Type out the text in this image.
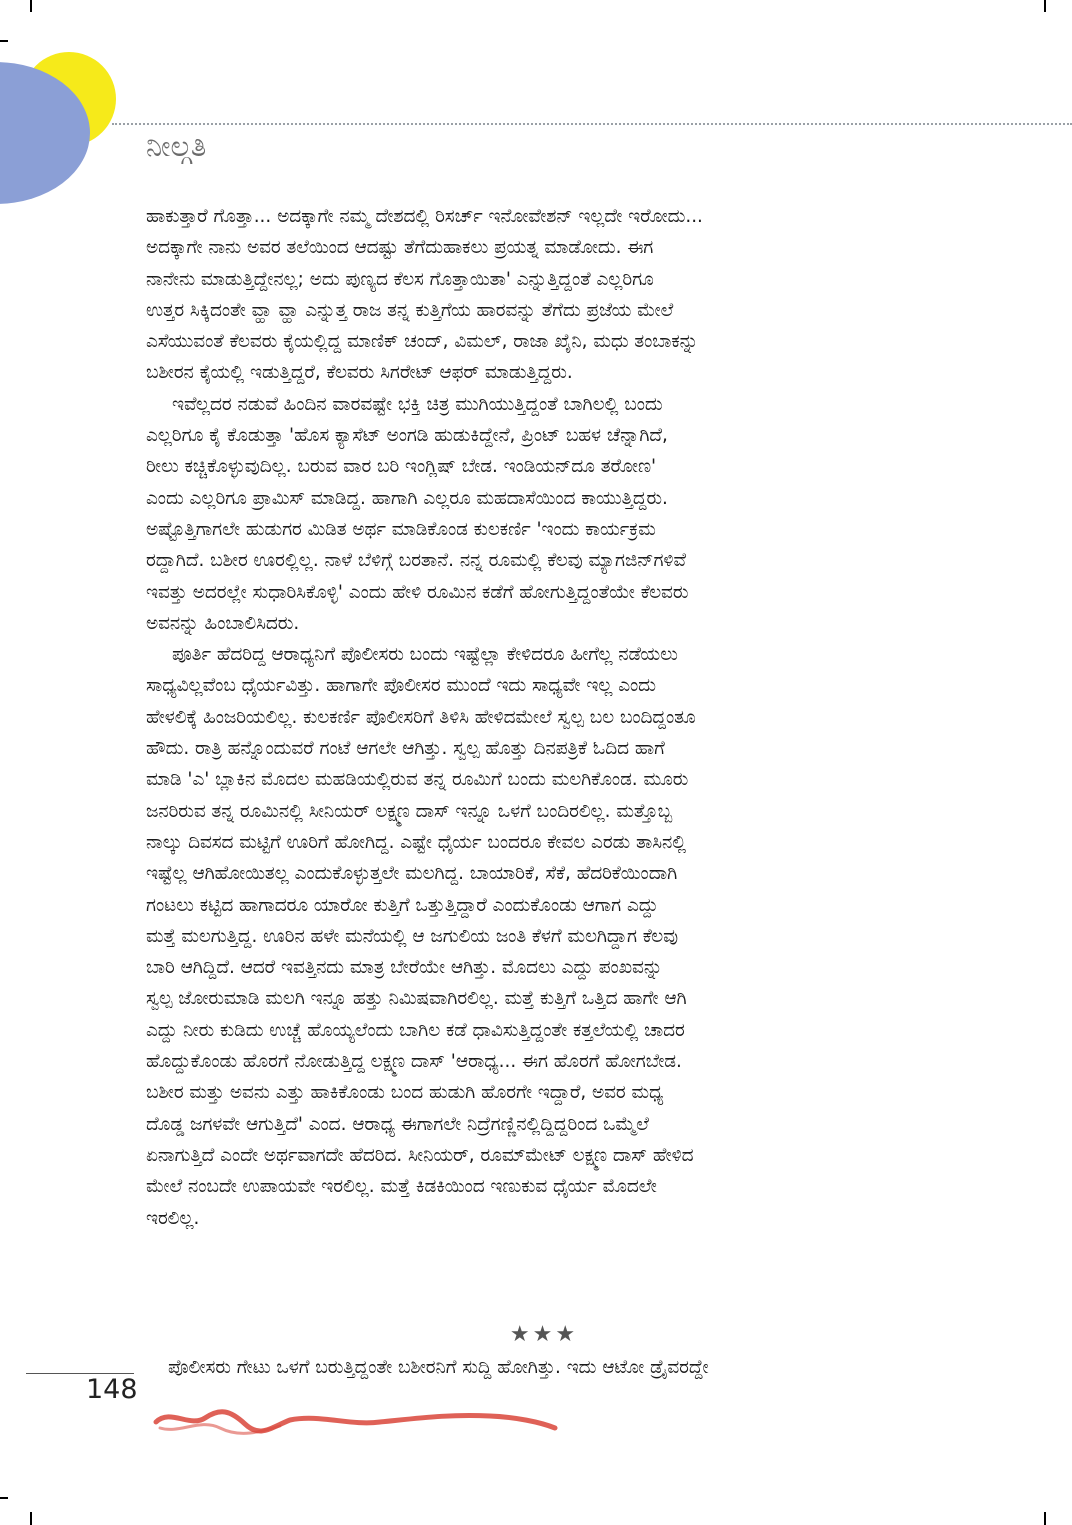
ನೀಲ್ಗತಿ
ಹಾಕುತ್ತಾರೆ ಗೊತ್ತಾ... ಅದಕ್ಕಾಗೇ ನಮ್ಮ ದೇಶದಲ್ಲಿ ರಿಸರ್ಚ್ ಇನೋವೇಶನ್ ಇಲ್ಲದೇ ಇರೋದು...
ಅದಕ್ಕಾಗೇ ನಾನು ಅವರ ತಲೆಯಿಂದ ಆದಷ್ಟು ತೆಗೆದುಹಾಕಲು ಪ್ರಯತ್ನ ಮಾಡೋದು. ಈಗ
ನಾನೇನು ಮಾಡುತ್ತಿದ್ದೇನಲ್ಲ; ಅದು ಪುಣ್ಯದ ಕೆಲಸ ಗೊತ್ತಾಯಿತಾ' ಎನ್ನುತ್ತಿದ್ದಂತೆ ಎಲ್ಲರಿಗೂ
ಉತ್ತರ ಸಿಕ್ಕಿದಂತೇ ವ್ಹಾ ವ್ಹಾ ಎನ್ನುತ್ತ ರಾಜ ತನ್ನ ಕುತ್ತಿಗೆಯ ಹಾರವನ್ನು ತೆಗೆದು ಪ್ರಜೆಯ ಮೇಲೆ
ಎಸೆಯುವಂತೆ ಕೆಲವರು ಕೈಯಲ್ಲಿದ್ದ ಮಾಣಿಕ್ ಚಂದ್, ವಿಮಲ್, ರಾಜಾ ಖೈನಿ, ಮಧು ತಂಬಾಕನ್ನು
ಬಶೀರನ ಕೈಯಲ್ಲಿ ಇಡುತ್ತಿದ್ದರೆ, ಕೆಲವರು ಸಿಗರೇಟ್ ಆಫರ್ ಮಾಡುತ್ತಿದ್ದರು.
ಇವೆಲ್ಲದರ ನಡುವೆ ಹಿಂದಿನ ವಾರವಷ್ಟೇ ಭಕ್ತಿ ಚಿತ್ರ ಮುಗಿಯುತ್ತಿದ್ದಂತೆ ಬಾಗಿಲಲ್ಲಿ ಬಂದು
ಎಲ್ಲರಿಗೂ ಕೈ ಕೊಡುತ್ತಾ 'ಹೊಸ ಕ್ಯಾಸೆಟ್ ಅಂಗಡಿ ಹುಡುಕಿದ್ದೇನೆ, ಪ್ರಿಂಟ್ ಬಹಳ ಚೆನ್ನಾಗಿದೆ,
ರೀಲು ಕಚ್ಚಿಕೊಳ್ಳುವುದಿಲ್ಲ. ಬರುವ ವಾರ ಬರಿ ಇಂಗ್ಲಿಷ್ ಬೇಡ. ಇಂಡಿಯನ್‌ದೂ ತರೋಣ'
ಎಂದು ಎಲ್ಲರಿಗೂ ಪ್ರಾಮಿಸ್ ಮಾಡಿದ್ದ. ಹಾಗಾಗಿ ಎಲ್ಲರೂ ಮಹದಾಸೆಯಿಂದ ಕಾಯುತ್ತಿದ್ದರು.
ಅಷ್ಟೊತ್ತಿಗಾಗಲೇ ಹುಡುಗರ ಮಿಡಿತ ಅರ್ಥ ಮಾಡಿಕೊಂಡ ಕುಲಕರ್ಣಿ 'ಇಂದು ಕಾರ್ಯಕ್ರಮ
ರದ್ದಾಗಿದೆ. ಬಶೀರ ಊರಲ್ಲಿಲ್ಲ. ನಾಳೆ ಬೆಳಿಗ್ಗೆ ಬರತಾನೆ. ನನ್ನ ರೂಮಲ್ಲಿ ಕೆಲವು ಮ್ಯಾಗಜಿನ್‌ಗಳಿವೆ
ಇವತ್ತು ಅದರಲ್ಲೇ ಸುಧಾರಿಸಿಕೊಳ್ಳಿ' ಎಂದು ಹೇಳಿ ರೂಮಿನ ಕಡೆಗೆ ಹೋಗುತ್ತಿದ್ದಂತೆಯೇ ಕೆಲವರು
ಅವನನ್ನು ಹಿಂಬಾಲಿಸಿದರು.
ಪೂರ್ತಿ ಹೆದರಿದ್ದ ಆರಾಧ್ಯನಿಗೆ ಪೊಲೀಸರು ಬಂದು ಇಷ್ಟೆಲ್ಲಾ ಕೇಳಿದರೂ ಹೀಗೆಲ್ಲ ನಡೆಯಲು
ಸಾಧ್ಯವಿಲ್ಲವೆಂಬ ಧೈರ್ಯವಿತ್ತು. ಹಾಗಾಗೇ ಪೊಲೀಸರ ಮುಂದೆ ಇದು ಸಾಧ್ಯವೇ ಇಲ್ಲ ಎಂದು
ಹೇಳಲಿಕ್ಕೆ ಹಿಂಜರಿಯಲಿಲ್ಲ. ಕುಲಕರ್ಣಿ ಪೊಲೀಸರಿಗೆ ತಿಳಿಸಿ ಹೇಳಿದಮೇಲೆ ಸ್ವಲ್ಪ ಬಲ ಬಂದಿದ್ದಂತೂ
ಹೌದು. ರಾತ್ರಿ ಹನ್ನೊಂದುವರೆ ಗಂಟೆ ಆಗಲೇ ಆಗಿತ್ತು. ಸ್ವಲ್ಪ ಹೊತ್ತು ದಿನಪತ್ರಿಕೆ ಓದಿದ ಹಾಗೆ
ಮಾಡಿ 'ಎ' ಬ್ಲಾಕಿನ ಮೊದಲ ಮಹಡಿಯಲ್ಲಿರುವ ತನ್ನ ರೂಮಿಗೆ ಬಂದು ಮಲಗಿಕೊಂಡ. ಮೂರು
ಜನರಿರುವ ತನ್ನ ರೂಮಿನಲ್ಲಿ ಸೀನಿಯರ್ ಲಕ್ಷ್ಮಣ ದಾಸ್ ಇನ್ನೂ ಒಳಗೆ ಬಂದಿರಲಿಲ್ಲ. ಮತ್ತೊಬ್ಬ
ನಾಲ್ಕು ದಿವಸದ ಮಟ್ಟಿಗೆ ಊರಿಗೆ ಹೋಗಿದ್ದ. ಎಷ್ಟೇ ಧೈರ್ಯ ಬಂದರೂ ಕೇವಲ ಎರಡು ತಾಸಿನಲ್ಲಿ
ಇಷ್ಟೆಲ್ಲ ಆಗಿಹೋಯಿತಲ್ಲ ಎಂದುಕೊಳ್ಳುತ್ತಲೇ ಮಲಗಿದ್ದ. ಬಾಯಾರಿಕೆ, ಸೆಕೆ, ಹೆದರಿಕೆಯಿಂದಾಗಿ
ಗಂಟಲು ಕಟ್ಟಿದ ಹಾಗಾದರೂ ಯಾರೋ ಕುತ್ತಿಗೆ ಒತ್ತುತ್ತಿದ್ದಾರೆ ಎಂದುಕೊಂಡು ಆಗಾಗ ಎದ್ದು
ಮತ್ತೆ ಮಲಗುತ್ತಿದ್ದ. ಊರಿನ ಹಳೇ ಮನೆಯಲ್ಲಿ ಆ ಜಗುಲಿಯ ಜಂತಿ ಕೆಳಗೆ ಮಲಗಿದ್ದಾಗ ಕೆಲವು
ಬಾರಿ ಆಗಿದ್ದಿದೆ. ಆದರೆ ಇವತ್ತಿನದು ಮಾತ್ರ ಬೇರೆಯೇ ಆಗಿತ್ತು. ಮೊದಲು ಎದ್ದು ಪಂಖವನ್ನು
ಸ್ವಲ್ಪ ಜೋರುಮಾಡಿ ಮಲಗಿ ಇನ್ನೂ ಹತ್ತು ನಿಮಿಷವಾಗಿರಲಿಲ್ಲ. ಮತ್ತೆ ಕುತ್ತಿಗೆ ಒತ್ತಿದ ಹಾಗೇ ಆಗಿ
ಎದ್ದು ನೀರು ಕುಡಿದು ಉಚ್ಚೆ ಹೊಯ್ಯಲೆಂದು ಬಾಗಿಲ ಕಡೆ ಧಾವಿಸುತ್ತಿದ್ದಂತೇ ಕತ್ತಲೆಯಲ್ಲಿ ಚಾದರ
ಹೊದ್ದುಕೊಂಡು ಹೊರಗೆ ನೋಡುತ್ತಿದ್ದ ಲಕ್ಷ್ಮಣ ದಾಸ್ 'ಆರಾಧ್ಯ... ಈಗ ಹೊರಗೆ ಹೋಗಬೇಡ.
ಬಶೀರ ಮತ್ತು ಅವನು ಎತ್ತು ಹಾಕಿಕೊಂಡು ಬಂದ ಹುಡುಗಿ ಹೊರಗೇ ಇದ್ದಾರೆ, ಅವರ ಮಧ್ಯ
ದೊಡ್ಡ ಜಗಳವೇ ಆಗುತ್ತಿದೆ' ಎಂದ. ಆರಾಧ್ಯ ಈಗಾಗಲೇ ನಿದ್ರೆಗಣ್ಣಿನಲ್ಲಿದ್ದಿದ್ದರಿಂದ ಒಮ್ಮೆಲೆ
ಏನಾಗುತ್ತಿದೆ ಎಂದೇ ಅರ್ಥವಾಗದೇ ಹೆದರಿದ. ಸೀನಿಯರ್, ರೂಮ್‌ಮೇಟ್ ಲಕ್ಷ್ಮಣ ದಾಸ್ ಹೇಳಿದ
ಮೇಲೆ ನಂಬದೇ ಉಪಾಯವೇ ಇರಲಿಲ್ಲ. ಮತ್ತೆ ಕಿಡಕಿಯಿಂದ ಇಣುಕುವ ಧೈರ್ಯ ಮೊದಲೇ
ಇರಲಿಲ್ಲ.
★★★
ಪೊಲೀಸರು ಗೇಟು ಒಳಗೆ ಬರುತ್ತಿದ್ದಂತೇ ಬಶೀರನಿಗೆ ಸುದ್ದಿ ಹೋಗಿತ್ತು. ಇದು ಆಟೋ ಡ್ರೈವರದ್ದೇ
148
